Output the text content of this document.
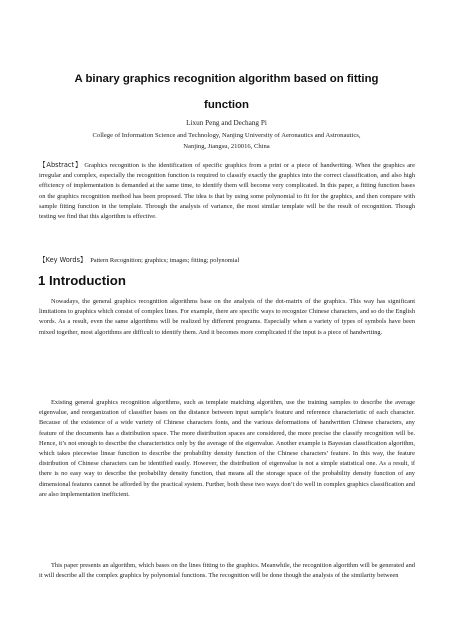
A binary graphics recognition algorithm based on fitting
function
Lixun Peng and Dechang Pi
College of Information Science and Technology, Nanjing University of Aeronautics and Astronautics,
Nanjing, Jiangsu, 210016, China

【Abstract】 Graphics recognition is the identification of specific graphics from a print or a piece of handwriting. When the graphics are irregular and complex, especially the recognition function is required to classify exactly the graphics into the correct classification, and also high efficiency of implementation is demanded at the same time, to identify them will become very complicated. In this paper, a fitting function bases on the graphics recognition method has been proposed. The idea is that by using some polynomial to fit for the graphics, and then compare with sample fitting function in the template. Through the analysis of variance, the most similar template will be the result of recognition. Though testing we find that this algorithm is effective.

【Key Words】 Pattern Recognition; graphics; images; fitting; polynomial

1 Introduction

Nowadays, the general graphics recognition algorithms base on the analysis of the dot-matrix of the graphics. This way has significant limitations to graphics which consist of complex lines. For example, there are specific ways to recognize Chinese characters, and so do the English words. As a result, even the same algorithms will be realized by different programs. Especially when a variety of types of symbols have been mixed together, most algorithms are difficult to identify them. And it becomes more complicated if the input is a piece of handwriting.

Existing general graphics recognition algorithms, such as template matching algorithm, use the training samples to describe the average eigenvalue, and reorganization of classifier bases on the distance between input sample’s feature and reference characteristic of each character. Because of the existence of a wide variety of Chinese characters fonts, and the various deformations of handwritten Chinese characters, any feature of the documents has a distribution space. The more distribution spaces are considered, the more precise the classify recognition will be. Hence, it’s not enough to describe the characteristics only by the average of the eigenvalue. Another example is Bayesian classification algorithm, which takes piecewise linear function to describe the probability density function of the Chinese characters’ feature. In this way, the feature distribution of Chinese characters can be identified easily. However, the distribution of eigenvalue is not a simple statistical one. As a result, if there is no easy way to describe the probability density function, that means all the storage space of the probability density function of any dimensional features cannot be afforded by the practical system. Further, both these two ways don’t do well in complex graphics classification and are also implementation inefficient.

This paper presents an algorithm, which bases on the lines fitting to the graphics. Meanwhile, the recognition algorithm will be generated and it will describe all the complex graphics by polynomial functions. The recognition will be done though the analysis of the similarity between
